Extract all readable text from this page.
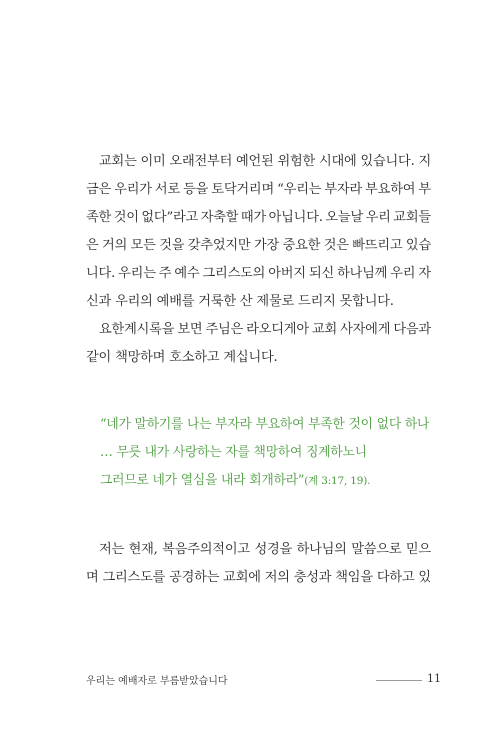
교회는 이미 오래전부터 예언된 위험한 시대에 있습니다. 지
금은 우리가 서로 등을 토닥거리며 “우리는 부자라 부요하여 부
족한 것이 없다”라고 자축할 때가 아닙니다. 오늘날 우리 교회들
은 거의 모든 것을 갖추었지만 가장 중요한 것은 빠뜨리고 있습
니다. 우리는 주 예수 그리스도의 아버지 되신 하나님께 우리 자
신과 우리의 예배를 거룩한 산 제물로 드리지 못합니다.
요한계시록을 보면 주님은 라오디게아 교회 사자에게 다음과
같이 책망하며 호소하고 계십니다.
“네가 말하기를 나는 부자라 부요하여 부족한 것이 없다 하나
… 무릇 내가 사랑하는 자를 책망하여 징계하노니
그러므로 네가 열심을 내라 회개하라” (계 3:17, 19).
저는 현재, 복음주의적이고 성경을 하나님의 말씀으로 믿으
며 그리스도를 공경하는 교회에 저의 충성과 책임을 다하고 있
우리는 예배자로 부름받았습니다	11
